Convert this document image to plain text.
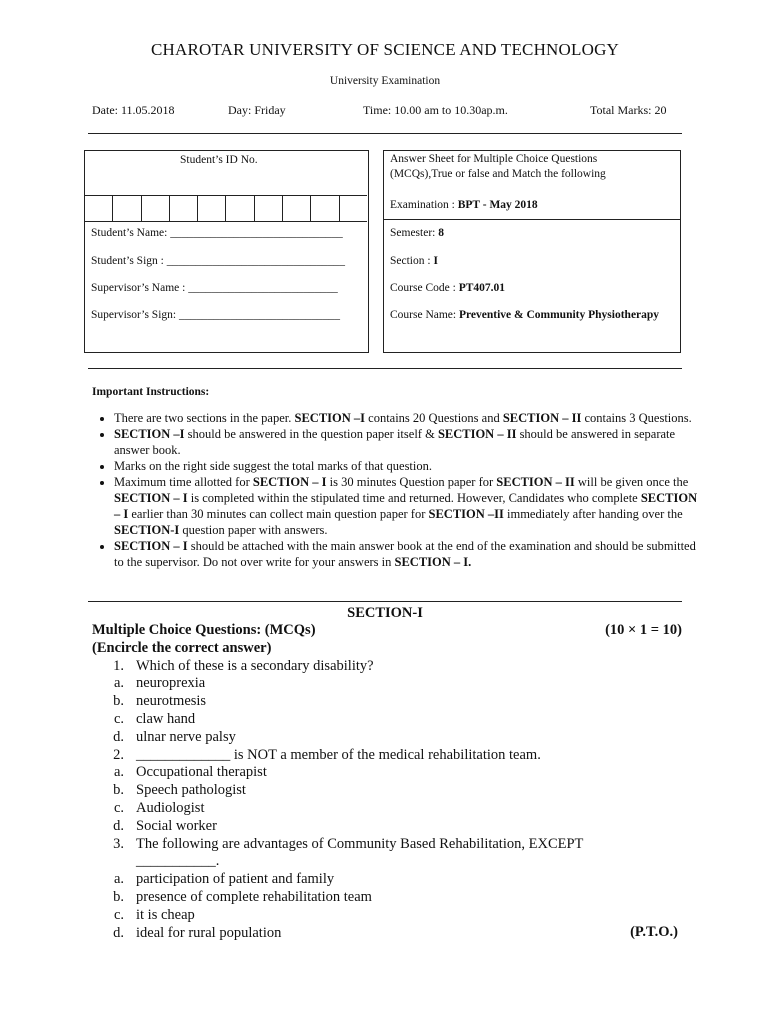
CHAROTAR UNIVERSITY OF SCIENCE AND TECHNOLOGY
University Examination
Date: 11.05.2018	Day: Friday	Time: 10.00 am to 10.30ap.m.	Total Marks: 20
Student’s ID No.
Student’s Name: ______________________________
Student’s Sign : _______________________________
Supervisor’s Name : __________________________
Supervisor’s Sign: ____________________________
Answer Sheet for Multiple Choice Questions (MCQs),True or false and Match the following
Examination : BPT - May 2018
Semester: 8
Section : I
Course Code : PT407.01
Course Name: Preventive & Community Physiotherapy
Important Instructions:
• There are two sections in the paper. SECTION –I contains 20 Questions and SECTION – II contains 3 Questions.
• SECTION –I should be answered in the question paper itself & SECTION – II should be answered in separate answer book.
• Marks on the right side suggest the total marks of that question.
• Maximum time allotted for SECTION – I is 30 minutes Question paper for SECTION – II will be given once the SECTION – I is completed within the stipulated time and returned. However, Candidates who complete SECTION – I earlier than 30 minutes can collect main question paper for SECTION –II immediately after handing over the SECTION-I question paper with answers.
• SECTION – I should be attached with the main answer book at the end of the examination and should be submitted to the supervisor. Do not over write for your answers in SECTION – I.
SECTION-I
Multiple Choice Questions: (MCQs)	(10 × 1 = 10)
(Encircle the correct answer)
1. Which of these is a secondary disability?
a. neuroprexia
b. neurotmesis
c. claw hand
d. ulnar nerve palsy
2. _____________ is NOT a member of the medical rehabilitation team.
a. Occupational therapist
b. Speech pathologist
c. Audiologist
d. Social worker
3. The following are advantages of Community Based Rehabilitation, EXCEPT
___________.
a. participation of patient and family
b. presence of complete rehabilitation team
c. it is cheap
d. ideal for rural population	(P.T.O.)
